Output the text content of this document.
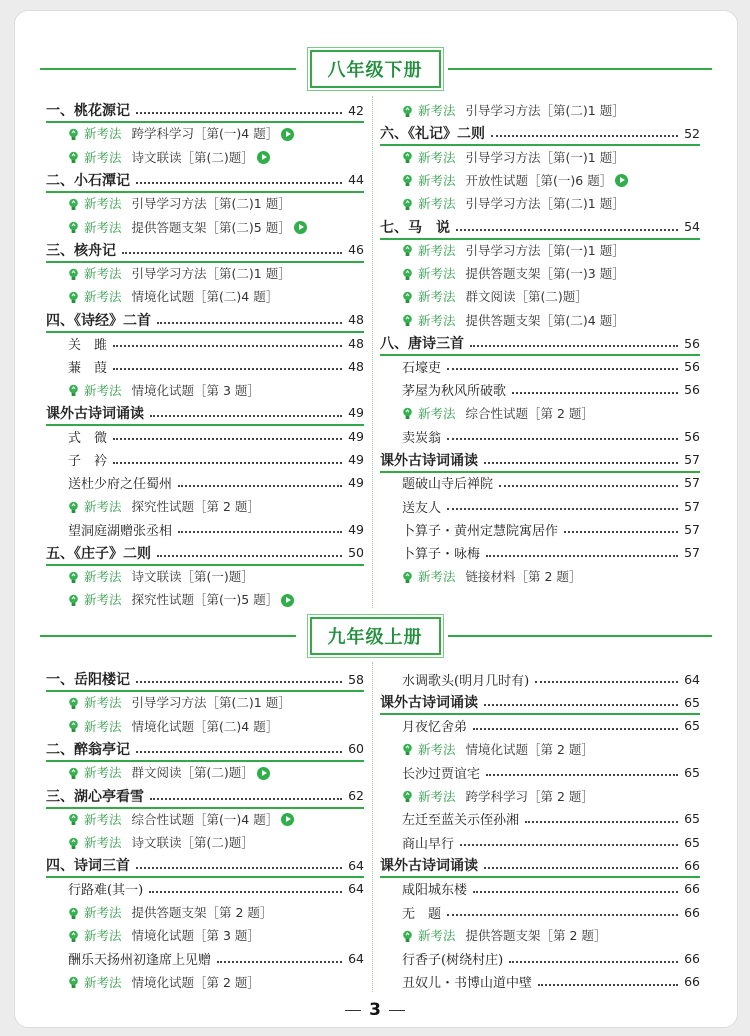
八年级下册
一、桃花源记	42
新考法 跨学科学习［第(一)4 题］
新考法 诗文联读［第(二)题］
二、小石潭记	44
新考法 引导学习方法［第(二)1 题］
新考法 提供答题支架［第(二)5 题］
三、核舟记	46
新考法 引导学习方法［第(二)1 题］
新考法 情境化试题［第(二)4 题］
四、《诗经》二首	48
关　雎	48
蒹　葭	48
新考法 情境化试题［第 3 题］
课外古诗词诵读	49
式　微	49
子　衿	49
送杜少府之任蜀州	49
新考法 探究性试题［第 2 题］
望洞庭湖赠张丞相	49
五、《庄子》二则	50
新考法 诗文联读［第(一)题］
新考法 探究性试题［第(一)5 题］
新考法 引导学习方法［第(二)1 题］
六、《礼记》二则	52
新考法 引导学习方法［第(一)1 题］
新考法 开放性试题［第(一)6 题］
新考法 引导学习方法［第(二)1 题］
七、马　说	54
新考法 引导学习方法［第(一)1 题］
新考法 提供答题支架［第(一)3 题］
新考法 群文阅读［第(二)题］
新考法 提供答题支架［第(二)4 题］
八、唐诗三首	56
石壕吏	56
茅屋为秋风所破歌	56
新考法 综合性试题［第 2 题］
卖炭翁	56
课外古诗词诵读	57
题破山寺后禅院	57
送友人	57
卜算子・黄州定慧院寓居作	57
卜算子・咏梅	57
新考法 链接材料［第 2 题］
九年级上册
一、岳阳楼记	58
新考法 引导学习方法［第(二)1 题］
新考法 情境化试题［第(二)4 题］
二、醉翁亭记	60
新考法 群文阅读［第(二)题］
三、湖心亭看雪	62
新考法 综合性试题［第(一)4 题］
新考法 诗文联读［第(二)题］
四、诗词三首	64
行路难(其一)	64
新考法 提供答题支架［第 2 题］
新考法 情境化试题［第 3 题］
酬乐天扬州初逢席上见赠	64
新考法 情境化试题［第 2 题］
水调歌头(明月几时有)	64
课外古诗词诵读	65
月夜忆舍弟	65
新考法 情境化试题［第 2 题］
长沙过贾谊宅	65
新考法 跨学科学习［第 2 题］
左迁至蓝关示侄孙湘	65
商山早行	65
课外古诗词诵读	66
咸阳城东楼	66
无　题	66
新考法 提供答题支架［第 2 题］
行香子(树绕村庄)	66
丑奴儿・书博山道中壁	66
3
